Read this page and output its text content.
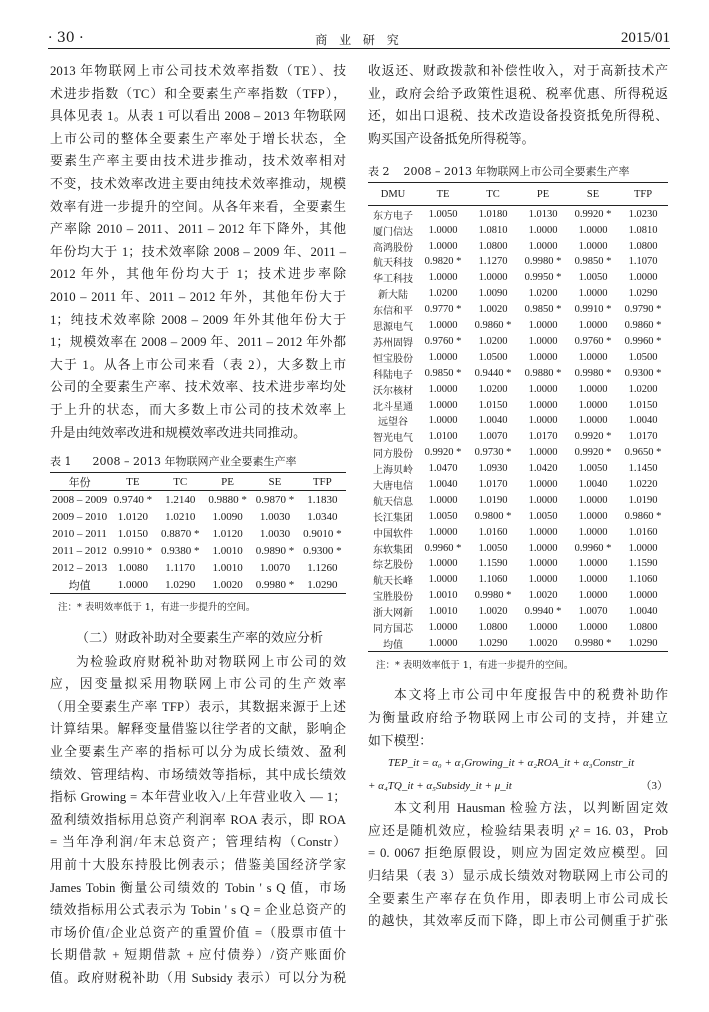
· 30 ·	商 业 研 究	2015/01
2013 年物联网上市公司技术效率指数（TE）、技
术进步指数（TC）和全要素生产率指数（TFP），
具体见表 1。从表 1 可以看出 2008 – 2013 年物联网
上市公司的整体全要素生产率处于增长状态，全
要素生产率主要由技术进步推动，技术效率相对
不变，技术效率改进主要由纯技术效率推动，规模
效率有进一步提升的空间。从各年来看，全要素生
产率除 2010 – 2011、2011 – 2012 年下降外，其他
年份均大于 1；技术效率除 2008 – 2009 年、2011 –
2012 年外，其他年份均大于 1；技术进步率除
2010 – 2011 年、2011 – 2012 年外，其他年份大于
1；纯技术效率除 2008 – 2009 年外其他年份大于
1；规模效率在 2008 – 2009 年、2011 – 2012 年外都
大于 1。从各上市公司来看（表 2），大多数上市
公司的全要素生产率、技术效率、技术进步率均处
于上升的状态，而大多数上市公司的技术效率上
升是由纯效率改进和规模效率改进共同推动。
表 1      2008 – 2013 年物联网产业全要素生产率
年份	TE	TC	PE	SE	TFP
2008 – 2009	0.9740 *	1.2140	0.9880 *	0.9870 *	1.1830
2009 – 2010	1.0120	1.0210	1.0090	1.0030	1.0340
2010 – 2011	1.0150	0.8870 *	1.0120	1.0030	0.9010 *
2011 – 2012	0.9910 *	0.9380 *	1.0010	0.9890 *	0.9300 *
2012 – 2013	1.0080	1.1170	1.0010	1.0070	1.1260
均值	1.0000	1.0290	1.0020	0.9980 *	1.0290
注：* 表明效率低于 1，有进一步提升的空间。
（二）财政补助对全要素生产率的效应分析
为检验政府财税补助对物联网上市公司的效
应，因变量拟采用物联网上市公司的生产效率
（用全要素生产率 TFP）表示，其数据来源于上述
计算结果。解释变量借鉴以往学者的文献，影响企
业全要素生产率的指标可以分为成长绩效、盈利
绩效、管理结构、市场绩效等指标，其中成长绩效
指标 Growing = 本年营业收入/上年营业收入 — 1；
盈利绩效指标用总资产利润率 ROA 表示，即 ROA
= 当年净利润/年末总资产；管理结构（Constr）
用前十大股东持股比例表示；借鉴美国经济学家
James Tobin 衡量公司绩效的 Tobin ' s Q 值，市场
绩效指标用公式表示为 Tobin ' s Q = 企业总资产的
市场价值/企业总资产的重置价值 =（股票市值十
长期借款 + 短期借款 + 应付债券）/资产账面价
值。政府财税补助（用 Subsidy 表示）可以分为税
收返还、财政拨款和补偿性收入，对于高新技术产
业，政府会给予政策性退税、税率优惠、所得税返
还，如出口退税、技术改造设备投资抵免所得税、
购买国产设备抵免所得税等。
表 2    2008 – 2013 年物联网上市公司全要素生产率
DMU	TE	TC	PE	SE	TFP
东方电子	1.0050	1.0180	1.0130	0.9920 *	1.0230
厦门信达	1.0000	1.0810	1.0000	1.0000	1.0810
高鸿股份	1.0000	1.0800	1.0000	1.0000	1.0800
航天科技	0.9820 *	1.1270	0.9980 *	0.9850 *	1.1070
华工科技	1.0000	1.0000	0.9950 *	1.0050	1.0000
新大陆	1.0200	1.0090	1.0200	1.0000	1.0290
东信和平	0.9770 *	1.0020	0.9850 *	0.9910 *	0.9790 *
思源电气	1.0000	0.9860 *	1.0000	1.0000	0.9860 *
苏州固锝	0.9760 *	1.0200	1.0000	0.9760 *	0.9960 *
恒宝股份	1.0000	1.0500	1.0000	1.0000	1.0500
科陆电子	0.9850 *	0.9440 *	0.9880 *	0.9980 *	0.9300 *
沃尔核材	1.0000	1.0200	1.0000	1.0000	1.0200
北斗星通	1.0000	1.0150	1.0000	1.0000	1.0150
远望谷	1.0000	1.0040	1.0000	1.0000	1.0040
智光电气	1.0100	1.0070	1.0170	0.9920 *	1.0170
同方股份	0.9920 *	0.9730 *	1.0000	0.9920 *	0.9650 *
上海贝岭	1.0470	1.0930	1.0420	1.0050	1.1450
大唐电信	1.0040	1.0170	1.0000	1.0040	1.0220
航天信息	1.0000	1.0190	1.0000	1.0000	1.0190
长江集团	1.0050	0.9800 *	1.0050	1.0000	0.9860 *
中国软件	1.0000	1.0160	1.0000	1.0000	1.0160
东软集团	0.9960 *	1.0050	1.0000	0.9960 *	1.0000
综艺股份	1.0000	1.1590	1.0000	1.0000	1.1590
航天长峰	1.0000	1.1060	1.0000	1.0000	1.1060
宝胜股份	1.0010	0.9980 *	1.0020	1.0000	1.0000
浙大网新	1.0010	1.0020	0.9940 *	1.0070	1.0040
同方国芯	1.0000	1.0800	1.0000	1.0000	1.0800
均值	1.0000	1.0290	1.0020	0.9980 *	1.0290
注：* 表明效率低于 1，有进一步提升的空间。
本文将上市公司中年度报告中的税费补助作
为衡量政府给予物联网上市公司的支持，并建立
如下模型：
TEP_it = α₀ + α₁Growing_it + α₂ROA_it + α₃Constr_it
+ α₄TQ_it + α₅Subsidy_it + μ_it	（3）
本文利用 Hausman 检验方法，以判断固定效
应还是随机效应，检验结果表明 χ² = 16. 03，Prob
= 0. 0067 拒绝原假设，则应为固定效应模型。回
归结果（表 3）显示成长绩效对物联网上市公司的
全要素生产率存在负作用，即表明上市公司成长
的越快，其效率反而下降，即上市公司侧重于扩张
